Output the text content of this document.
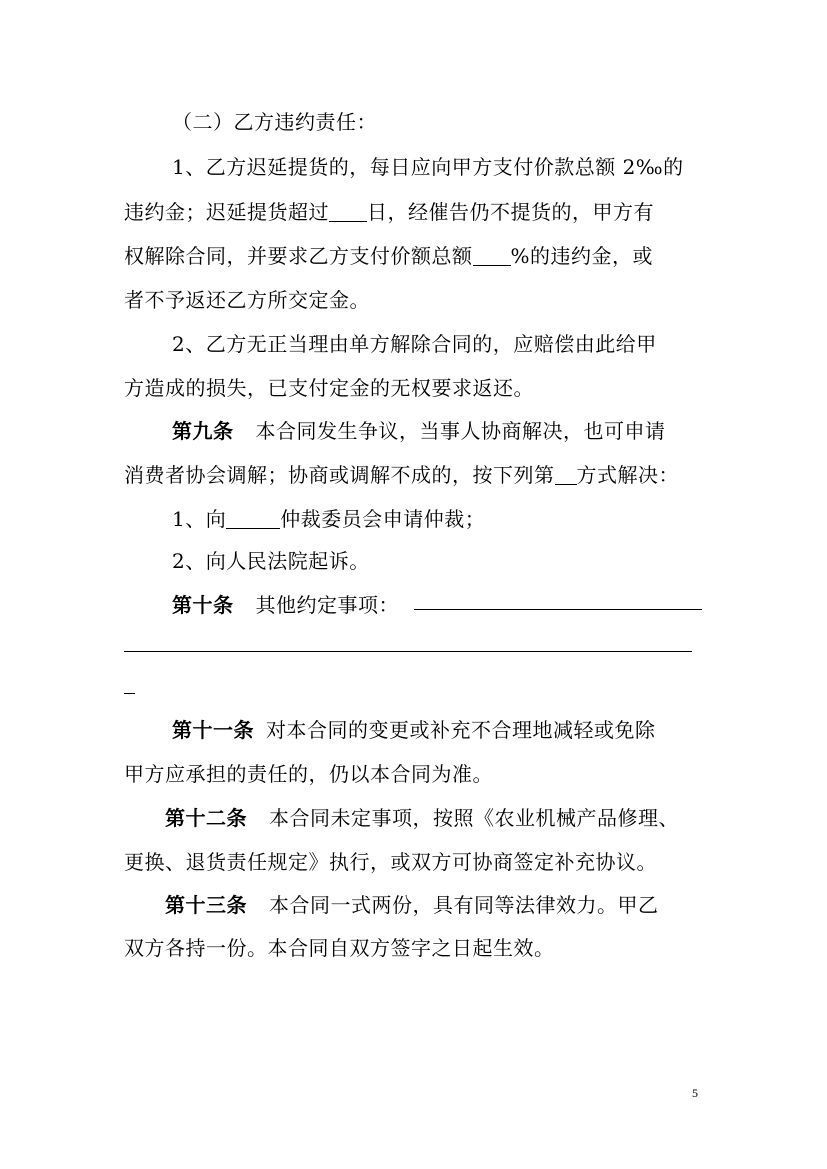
（二）乙方违约责任：
1、乙方迟延提货的，每日应向甲方支付价款总额 2‰的
违约金；迟延提货超过 日，经催告仍不提货的，甲方有
权解除合同，并要求乙方支付价额总额 %的违约金，或
者不予返还乙方所交定金。
2、乙方无正当理由单方解除合同的，应赔偿由此给甲
方造成的损失，已支付定金的无权要求返还。
第九条 本合同发生争议，当事人协商解决，也可申请
消费者协会调解；协商或调解不成的，按下列第 方式解决：
1、向	仲裁委员会申请仲裁；
2、向人民法院起诉。
第十条 其他约定事项：
第十一条 对本合同的变更或补充不合理地减轻或免除
甲方应承担的责任的，仍以本合同为准。
第十二条 本合同未定事项，按照《农业机械产品修理、
更换、退货责任规定》执行，或双方可协商签定补充协议。
第十三条 本合同一式两份，具有同等法律效力。甲乙
双方各持一份。本合同自双方签字之日起生效。
5
